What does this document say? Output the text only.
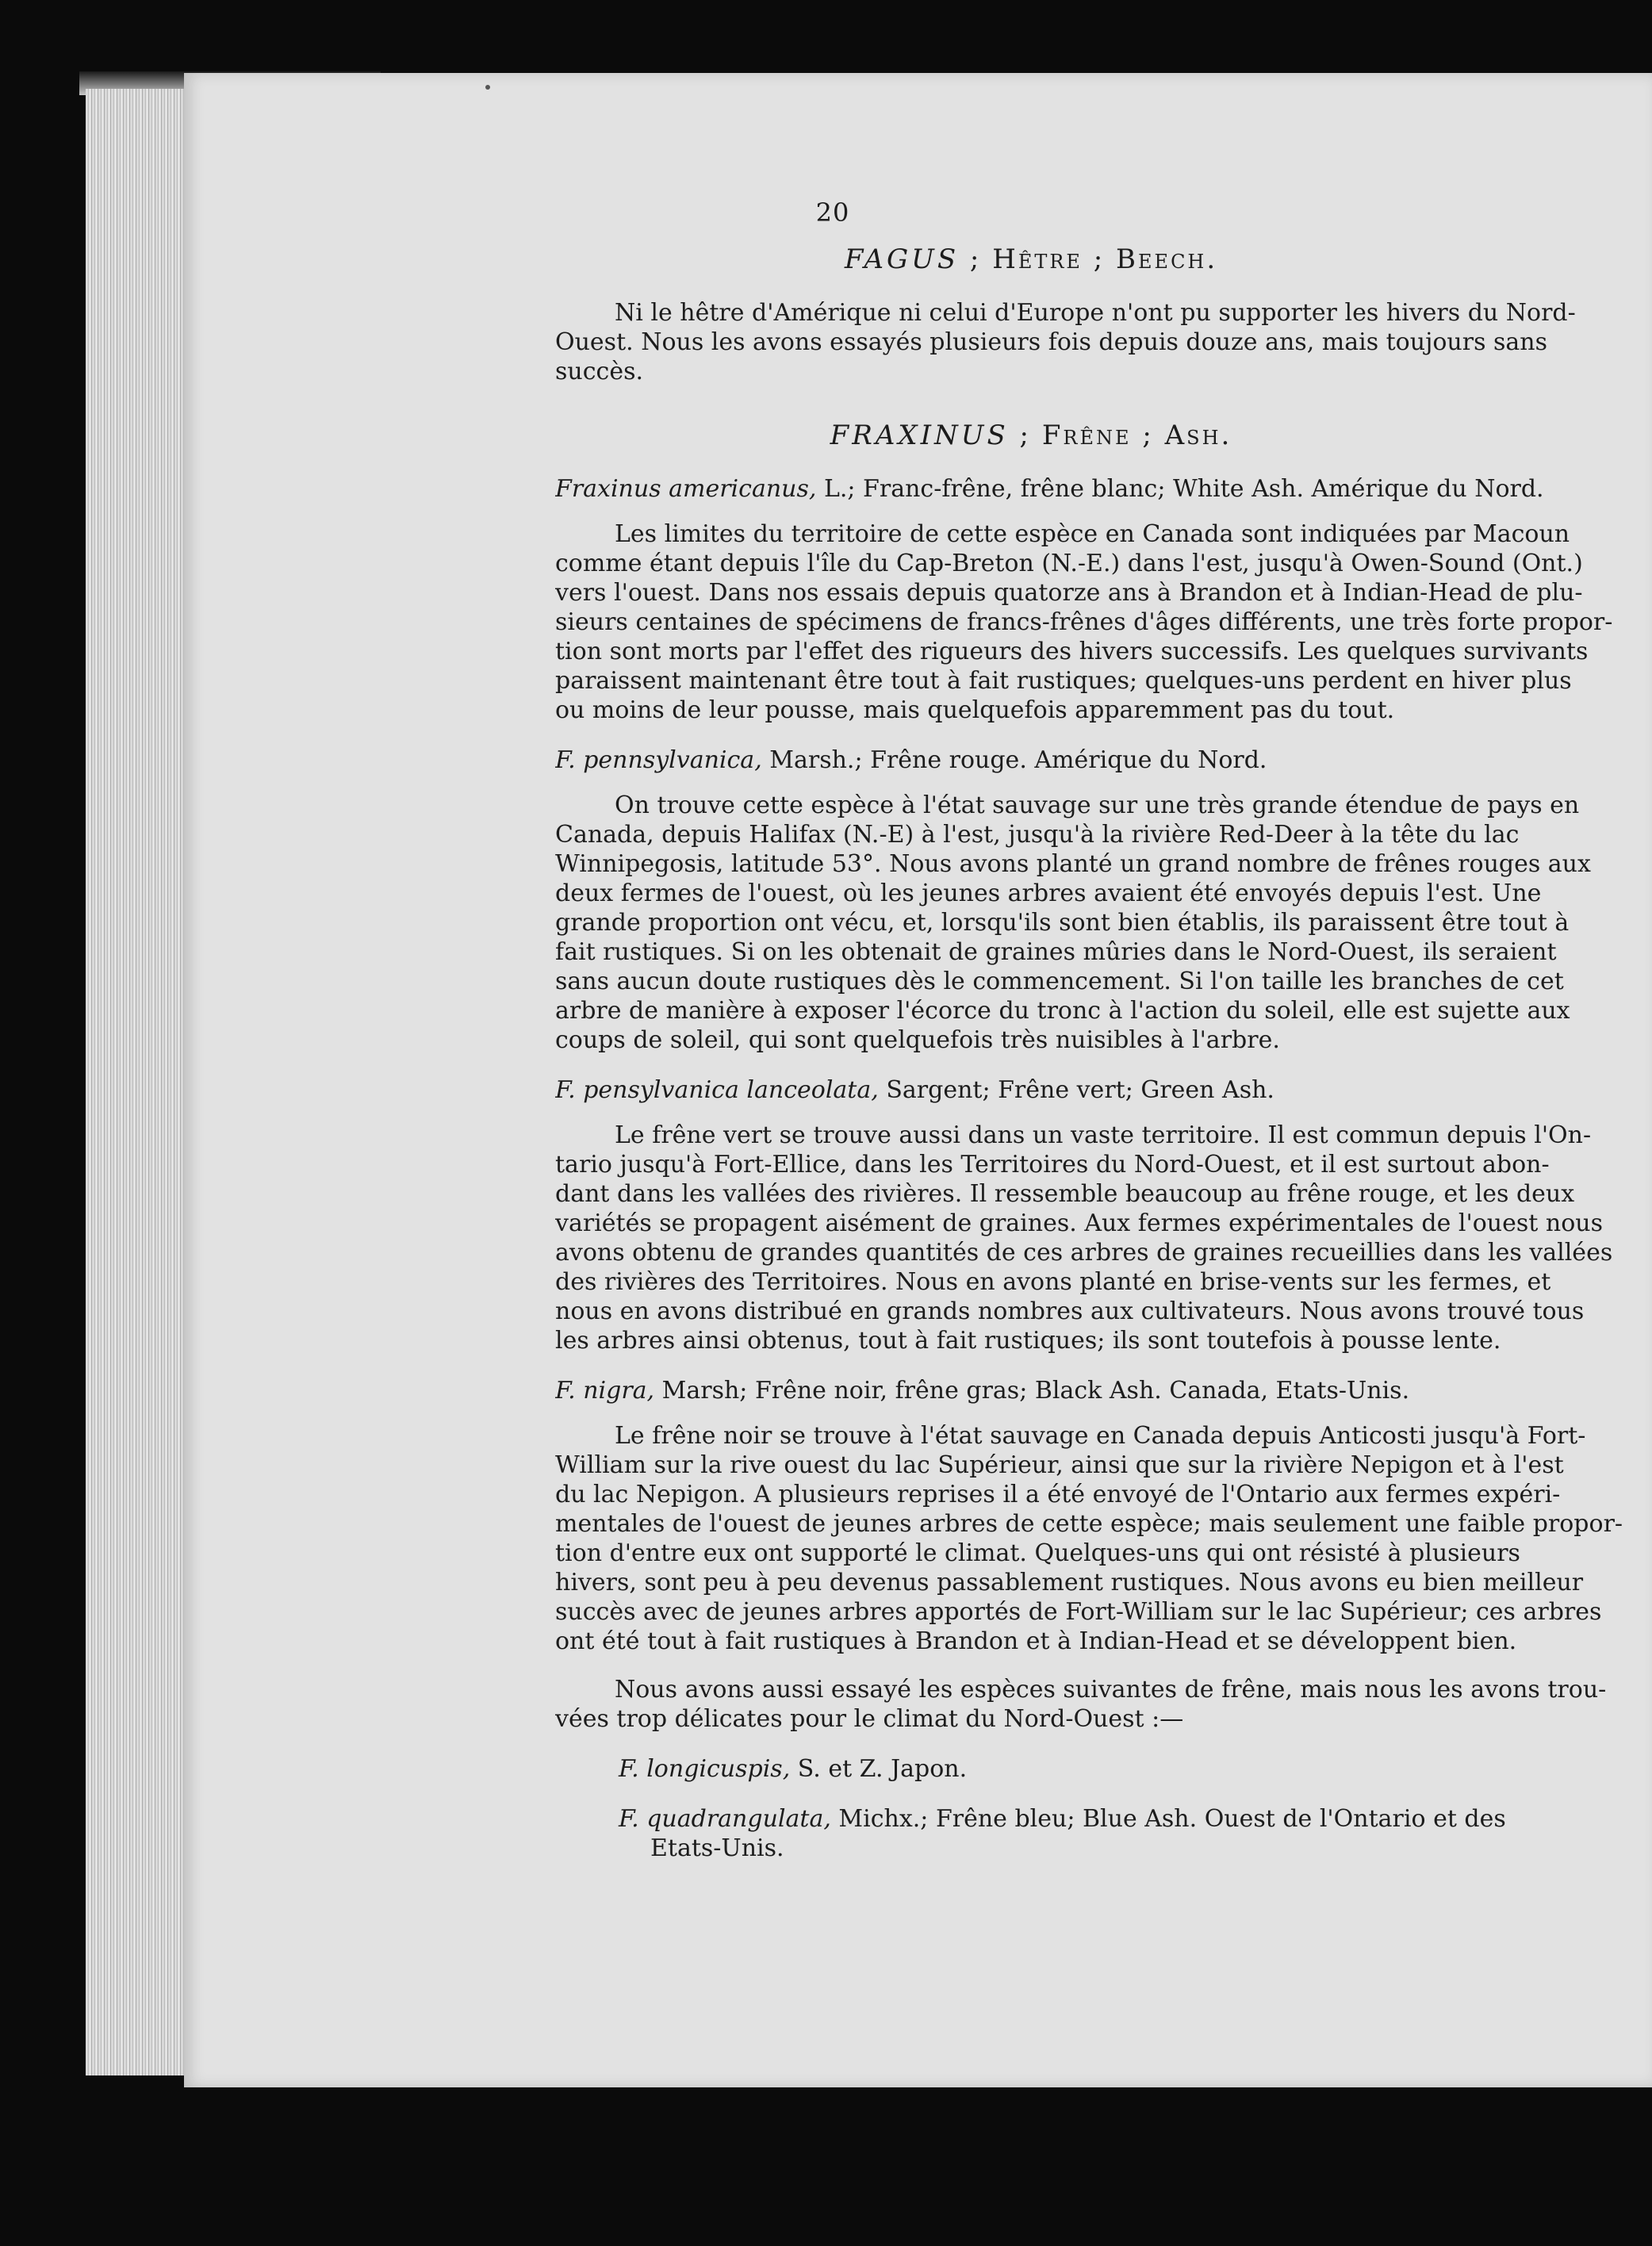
20
FAGUS ; Hêtre ; Beech.

Ni le hêtre d'Amérique ni celui d'Europe n'ont pu supporter les hivers du Nord-
Ouest. Nous les avons essayés plusieurs fois depuis douze ans, mais toujours sans
succès.

FRAXINUS ; Frêne ; Ash.
Fraxinus americanus, L.; Franc-frêne, frêne blanc; White Ash. Amérique du Nord.

Les limites du territoire de cette espèce en Canada sont indiquées par Macoun
comme étant depuis l'île du Cap-Breton (N.-E.) dans l'est, jusqu'à Owen-Sound (Ont.)
vers l'ouest. Dans nos essais depuis quatorze ans à Brandon et à Indian-Head de plu-
sieurs centaines de spécimens de francs-frênes d'âges différents, une très forte propor-
tion sont morts par l'effet des rigueurs des hivers successifs. Les quelques survivants
paraissent maintenant être tout à fait rustiques; quelques-uns perdent en hiver plus
ou moins de leur pousse, mais quelquefois apparemment pas du tout.

F. pennsylvanica, Marsh.; Frêne rouge. Amérique du Nord.

On trouve cette espèce à l'état sauvage sur une très grande étendue de pays en
Canada, depuis Halifax (N.-E) à l'est, jusqu'à la rivière Red-Deer à la tête du lac
Winnipegosis, latitude 53°. Nous avons planté un grand nombre de frênes rouges aux
deux fermes de l'ouest, où les jeunes arbres avaient été envoyés depuis l'est. Une
grande proportion ont vécu, et, lorsqu'ils sont bien établis, ils paraissent être tout à
fait rustiques. Si on les obtenait de graines mûries dans le Nord-Ouest, ils seraient
sans aucun doute rustiques dès le commencement. Si l'on taille les branches de cet
arbre de manière à exposer l'écorce du tronc à l'action du soleil, elle est sujette aux
coups de soleil, qui sont quelquefois très nuisibles à l'arbre.

F. pensylvanica lanceolata, Sargent; Frêne vert; Green Ash.

Le frêne vert se trouve aussi dans un vaste territoire. Il est commun depuis l'On-
tario jusqu'à Fort-Ellice, dans les Territoires du Nord-Ouest, et il est surtout abon-
dant dans les vallées des rivières. Il ressemble beaucoup au frêne rouge, et les deux
variétés se propagent aisément de graines. Aux fermes expérimentales de l'ouest nous
avons obtenu de grandes quantités de ces arbres de graines recueillies dans les vallées
des rivières des Territoires. Nous en avons planté en brise-vents sur les fermes, et
nous en avons distribué en grands nombres aux cultivateurs. Nous avons trouvé tous
les arbres ainsi obtenus, tout à fait rustiques; ils sont toutefois à pousse lente.

F. nigra, Marsh; Frêne noir, frêne gras; Black Ash. Canada, Etats-Unis.

Le frêne noir se trouve à l'état sauvage en Canada depuis Anticosti jusqu'à Fort-
William sur la rive ouest du lac Supérieur, ainsi que sur la rivière Nepigon et à l'est
du lac Nepigon. A plusieurs reprises il a été envoyé de l'Ontario aux fermes expéri-
mentales de l'ouest de jeunes arbres de cette espèce; mais seulement une faible propor-
tion d'entre eux ont supporté le climat. Quelques-uns qui ont résisté à plusieurs
hivers, sont peu à peu devenus passablement rustiques. Nous avons eu bien meilleur
succès avec de jeunes arbres apportés de Fort-William sur le lac Supérieur; ces arbres
ont été tout à fait rustiques à Brandon et à Indian-Head et se développent bien.

Nous avons aussi essayé les espèces suivantes de frêne, mais nous les avons trou-
vées trop délicates pour le climat du Nord-Ouest :—

F. longicuspis, S. et Z. Japon.
F. quadrangulata, Michx.; Frêne bleu; Blue Ash. Ouest de l'Ontario et des
Etats-Unis.
